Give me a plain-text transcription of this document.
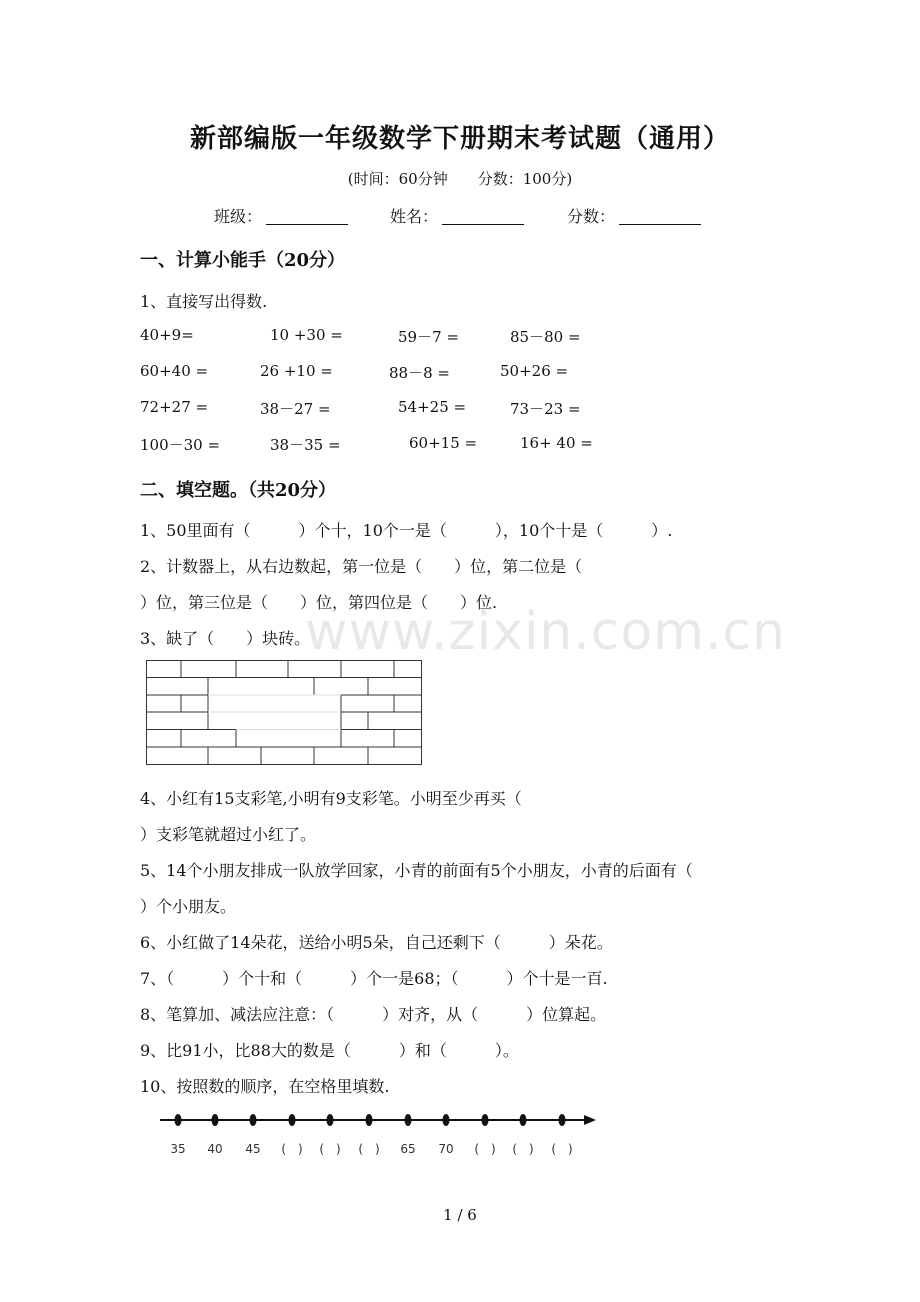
新部编版一年级数学下册期末考试题（通用）
(时间：60分钟　　分数：100分)
班级：	姓名：	分数：
一、计算小能手（20分）
1、直接写出得数.
40+9=	10 +30 =	59－7 =	85－80 =
60+40 =	26 +10 =	88－8 =	50+26 =
72+27 =	38－27 =	54+25 =	73－23 =
100－30 =	38－35 =	60+15 =	16+ 40 =
二、填空题。（共20分）
1、50里面有（　　　）个十，10个一是（　　　），10个十是（　　　）.
2、计数器上，从右边数起，第一位是（　　）位，第二位是（
）位，第三位是（　　）位，第四位是（　　）位.
3、缺了（　　）块砖。
4、小红有15支彩笔,小明有9支彩笔。小明至少再买（
）支彩笔就超过小红了。
5、14个小朋友排成一队放学回家，小青的前面有5个小朋友，小青的后面有（
）个小朋友。
6、小红做了14朵花，送给小明5朵，自己还剩下（　　　）朵花。
7、（　　　）个十和（　　　）个一是68；（　　　）个十是一百.
8、笔算加、减法应注意：（　　　）对齐，从（　　　）位算起。
9、比91小，比88大的数是（　　　）和（　　　）。
10、按照数的顺序，在空格里填数.
35 40 45 (　) (　) (　) 65 70 (　) (　) (　)
www.zixin.com.cn
1 / 6
